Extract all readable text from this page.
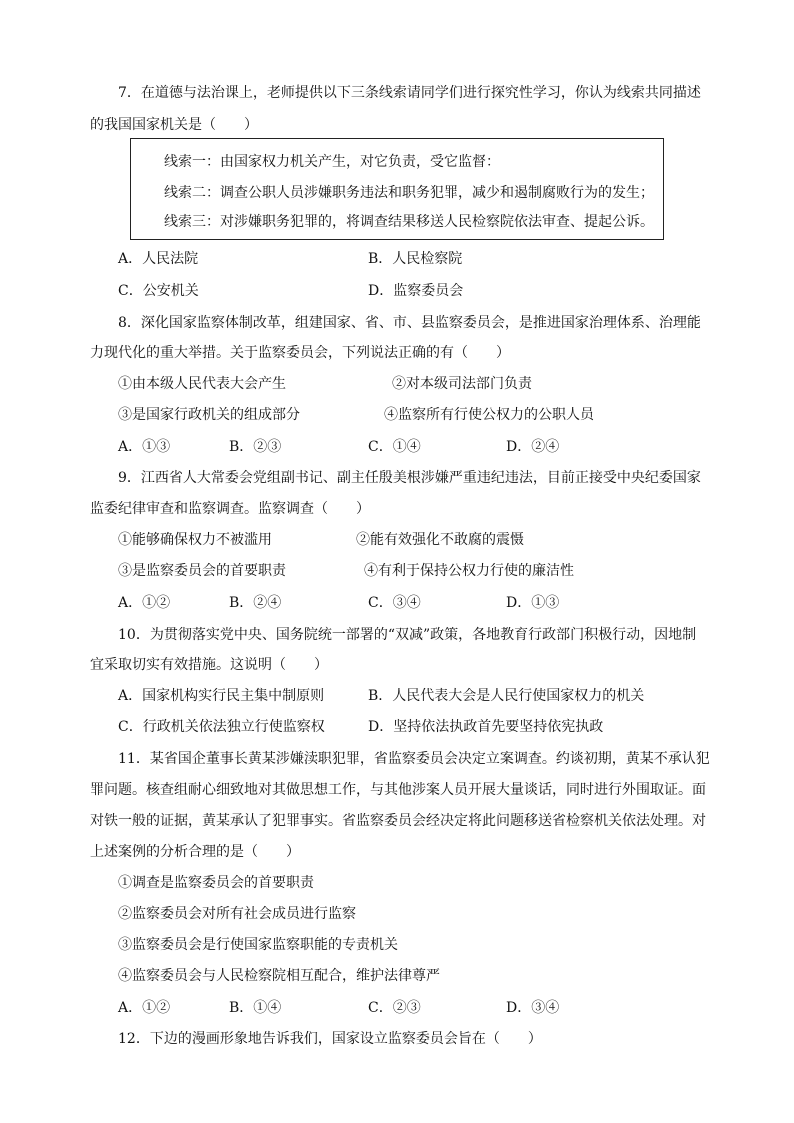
7．在道德与法治课上，老师提供以下三条线索请同学们进行探究性学习，你认为线索共同描述
的我国国家机关是（　　）
线索一：由国家权力机关产生，对它负责，受它监督：
线索二：调查公职人员涉嫌职务违法和职务犯罪，减少和遏制腐败行为的发生；
线索三：对涉嫌职务犯罪的，将调查结果移送人民检察院依法审查、提起公诉。
A．人民法院	B．人民检察院
C．公安机关	D．监察委员会
8．深化国家监察体制改革，组建国家、省、市、县监察委员会，是推进国家治理体系、治理能
力现代化的重大举措。关于监察委员会，下列说法正确的有（　　）
①由本级人民代表大会产生	②对本级司法部门负责
③是国家行政机关的组成部分	④监察所有行使公权力的公职人员
A．①③	B．②③	C．①④	D．②④
9．江西省人大常委会党组副书记、副主任殷美根涉嫌严重违纪违法，目前正接受中央纪委国家
监委纪律审查和监察调查。监察调查（　　）
①能够确保权力不被滥用	②能有效强化不敢腐的震慑
③是监察委员会的首要职责	④有利于保持公权力行使的廉洁性
A．①②	B．②④	C．③④	D．①③
10．为贯彻落实党中央、国务院统一部署的“双减”政策，各地教育行政部门积极行动，因地制
宜采取切实有效措施。这说明（　　）
A．国家机构实行民主集中制原则	B．人民代表大会是人民行使国家权力的机关
C．行政机关依法独立行使监察权	D．坚持依法执政首先要坚持依宪执政
11．某省国企董事长黄某涉嫌渎职犯罪，省监察委员会决定立案调查。约谈初期，黄某不承认犯
罪问题。核查组耐心细致地对其做思想工作，与其他涉案人员开展大量谈话，同时进行外围取证。面
对铁一般的证据，黄某承认了犯罪事实。省监察委员会经决定将此问题移送省检察机关依法处理。对
上述案例的分析合理的是（　　）
①调查是监察委员会的首要职责
②监察委员会对所有社会成员进行监察
③监察委员会是行使国家监察职能的专责机关
④监察委员会与人民检察院相互配合，维护法律尊严
A．①②	B．①④	C．②③	D．③④
12．下边的漫画形象地告诉我们，国家设立监察委员会旨在（　　）
